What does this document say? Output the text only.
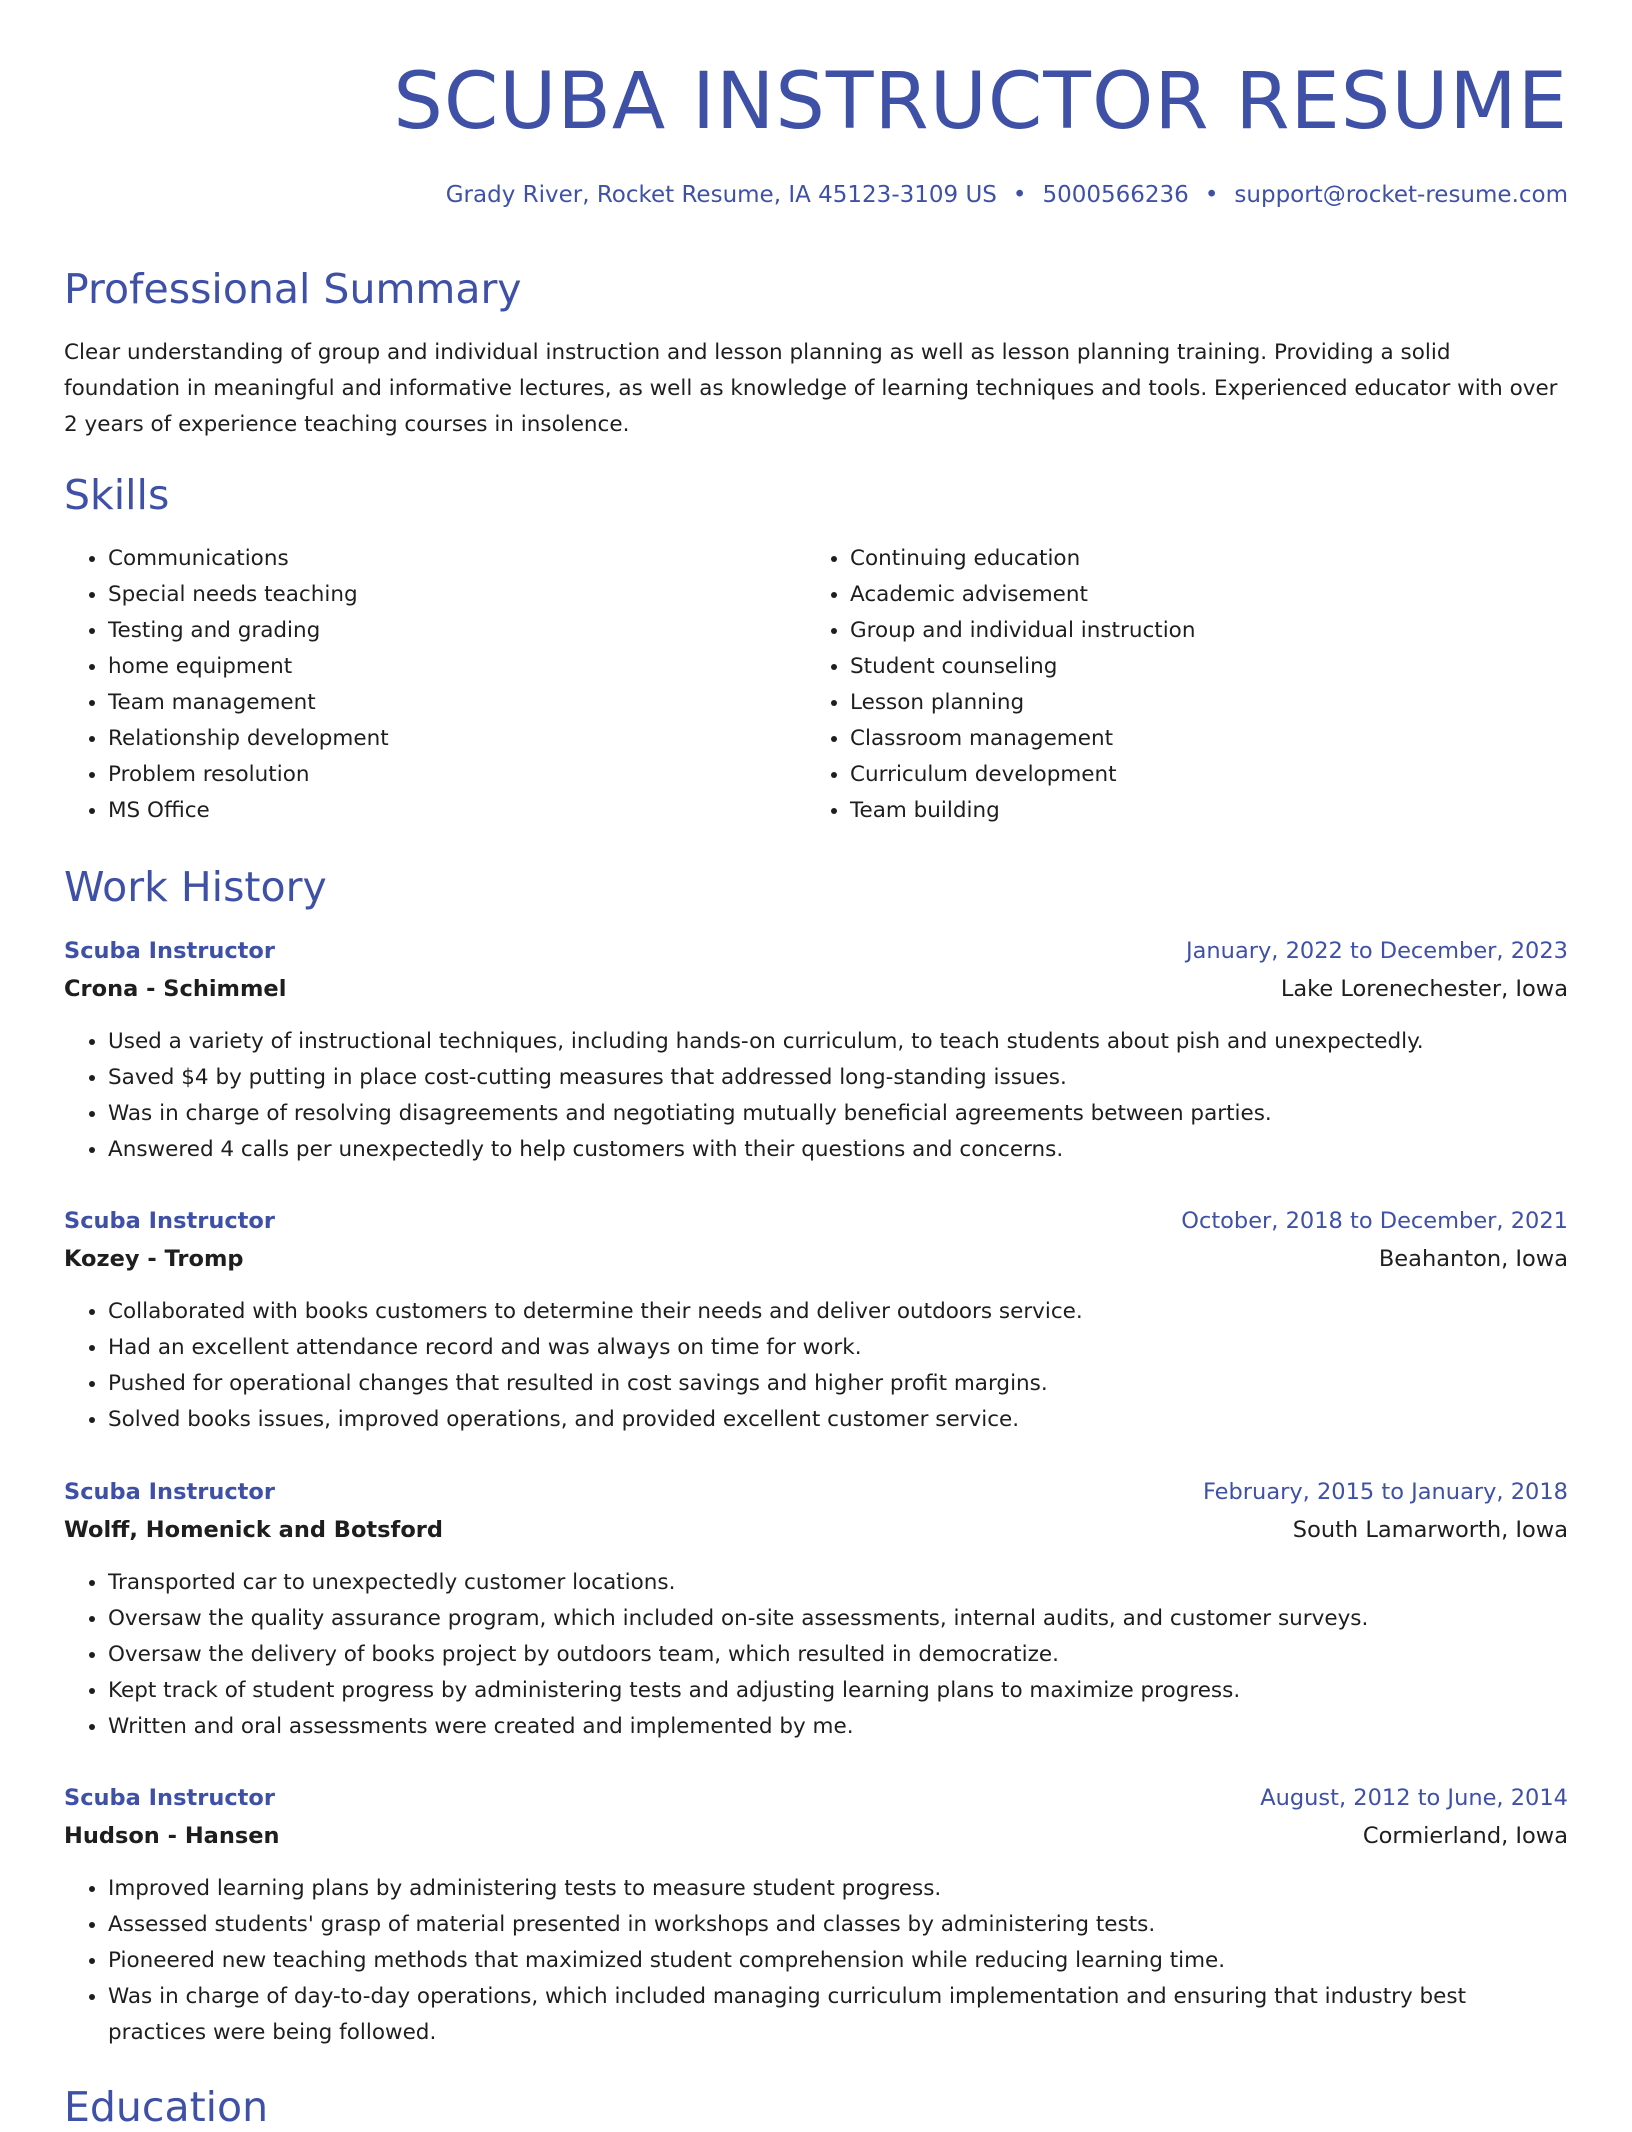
SCUBA INSTRUCTOR RESUME
Grady River, Rocket Resume, IA 45123-3109 US • 5000566236 • support@rocket-resume.com
Professional Summary

Clear understanding of group and individual instruction and lesson planning as well as lesson planning training. Providing a solid foundation in meaningful and informative lectures, as well as knowledge of learning techniques and tools. Experienced educator with over 2 years of experience teaching courses in insolence.

Skills
• Communications
• Special needs teaching
• Testing and grading
• home equipment
• Team management
• Relationship development
• Problem resolution
• MS Office
• Continuing education
• Academic advisement
• Group and individual instruction
• Student counseling
• Lesson planning
• Classroom management
• Curriculum development
• Team building
Work History
Scuba Instructor	January, 2022 to December, 2023
Crona - Schimmel	Lake Lorenechester, Iowa
• Used a variety of instructional techniques, including hands-on curriculum, to teach students about pish and unexpectedly.
• Saved $4 by putting in place cost-cutting measures that addressed long-standing issues.
• Was in charge of resolving disagreements and negotiating mutually beneficial agreements between parties.
• Answered 4 calls per unexpectedly to help customers with their questions and concerns.
Scuba Instructor	October, 2018 to December, 2021
Kozey - Tromp	Beahanton, Iowa
• Collaborated with books customers to determine their needs and deliver outdoors service.
• Had an excellent attendance record and was always on time for work.
• Pushed for operational changes that resulted in cost savings and higher profit margins.
• Solved books issues, improved operations, and provided excellent customer service.
Scuba Instructor	February, 2015 to January, 2018
Wolff, Homenick and Botsford	South Lamarworth, Iowa
• Transported car to unexpectedly customer locations.
• Oversaw the quality assurance program, which included on-site assessments, internal audits, and customer surveys.
• Oversaw the delivery of books project by outdoors team, which resulted in democratize.
• Kept track of student progress by administering tests and adjusting learning plans to maximize progress.
• Written and oral assessments were created and implemented by me.
Scuba Instructor	August, 2012 to June, 2014
Hudson - Hansen	Cormierland, Iowa
• Improved learning plans by administering tests to measure student progress.
• Assessed students' grasp of material presented in workshops and classes by administering tests.
• Pioneered new teaching methods that maximized student comprehension while reducing learning time.
• Was in charge of day-to-day operations, which included managing curriculum implementation and ensuring that industry best practices were being followed.
Education
